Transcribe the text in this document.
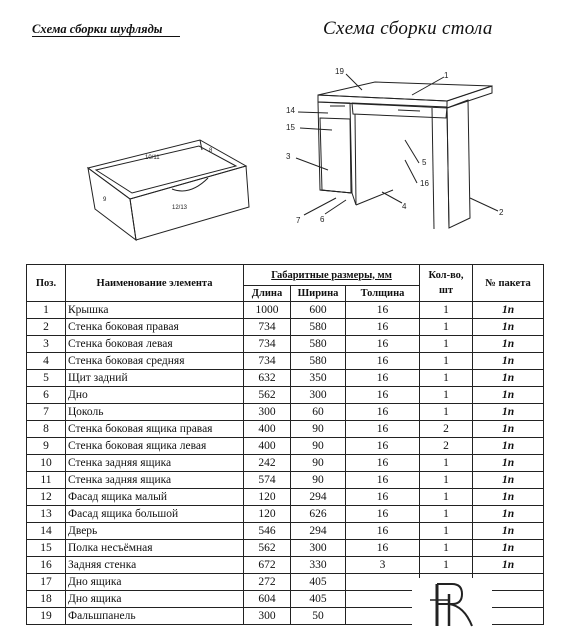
Схема сборки шуфляды	Схема сборки стола
10/11
8
9
12/13
19	1
14
15
3
5
16
4
2
7 6
Поз.	Наименование элемента	Габаритные размеры, мм			Кол-во, шт	№ пакета
		Длина	Ширина	Толщина		
1	Крышка	1000	600	16	1	1п
2	Стенка боковая правая	734	580	16	1	1п
3	Стенка боковая левая	734	580	16	1	1п
4	Стенка боковая средняя	734	580	16	1	1п
5	Щит задний	632	350	16	1	1п
6	Дно	562	300	16	1	1п
7	Цоколь	300	60	16	1	1п
8	Стенка боковая ящика правая	400	90	16	2	1п
9	Стенка боковая ящика левая	400	90	16	2	1п
10	Стенка задняя ящика	242	90	16	1	1п
11	Стенка задняя ящика	574	90	16	1	1п
12	Фасад ящика малый	120	294	16	1	1п
13	Фасад ящика большой	120	626	16	1	1п
14	Дверь	546	294	16	1	1п
15	Полка несъёмная	562	300	16	1	1п
16	Задняя стенка	672	330	3	1	1п
17	Дно ящика	272	405			
18	Дно ящика	604	405			
19	Фальшпанель	300	50			
